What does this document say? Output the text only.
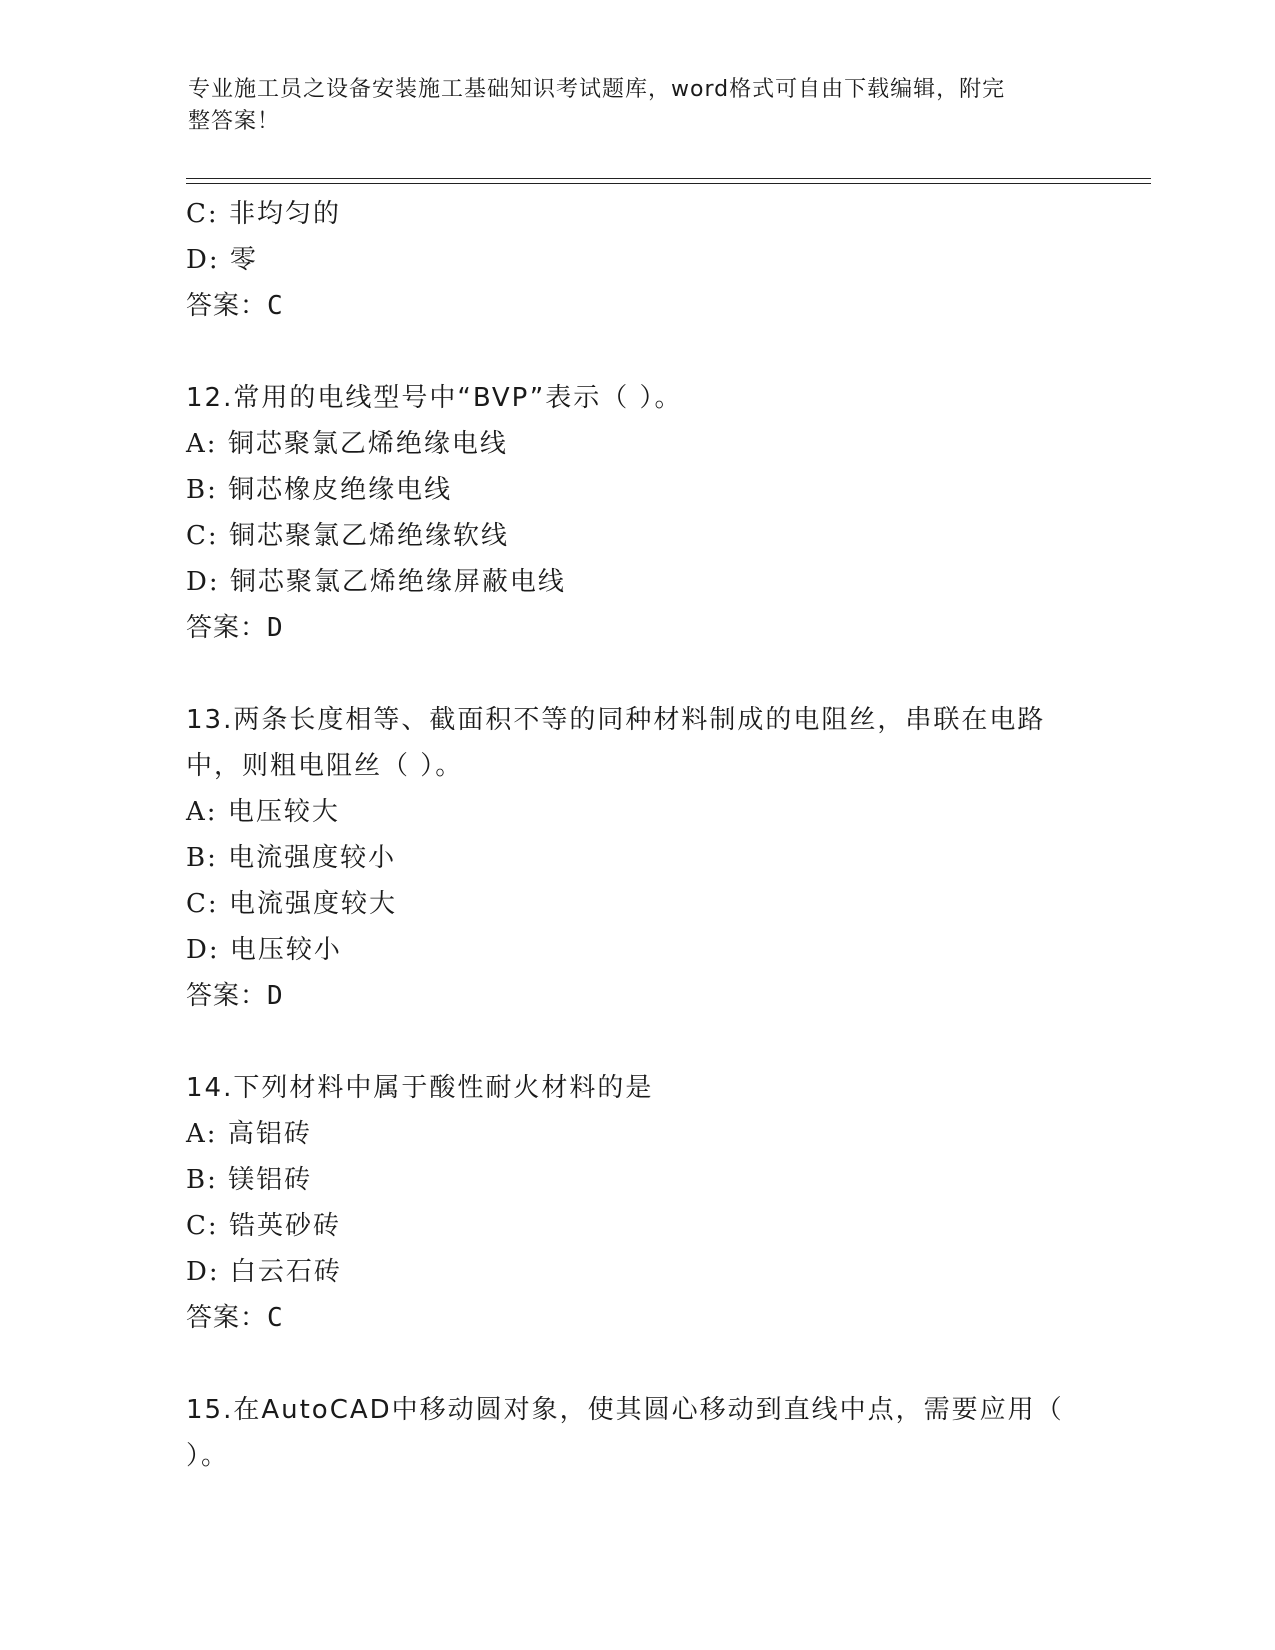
专业施工员之设备安装施工基础知识考试题库，word格式可自由下载编辑，附完
整答案！
C: 非均匀的
D: 零
答案：C
12.常用的电线型号中“BVP”表示（ ）。
A: 铜芯聚氯乙烯绝缘电线
B: 铜芯橡皮绝缘电线
C: 铜芯聚氯乙烯绝缘软线
D: 铜芯聚氯乙烯绝缘屏蔽电线
答案：D
13.两条长度相等、截面积不等的同种材料制成的电阻丝，串联在电路
中，则粗电阻丝（ ）。
A: 电压较大
B: 电流强度较小
C: 电流强度较大
D: 电压较小
答案：D
14.下列材料中属于酸性耐火材料的是
A: 高铝砖
B: 镁铝砖
C: 锆英砂砖
D: 白云石砖
答案：C
15.在AutoCAD中移动圆对象，使其圆心移动到直线中点，需要应用（
）。
